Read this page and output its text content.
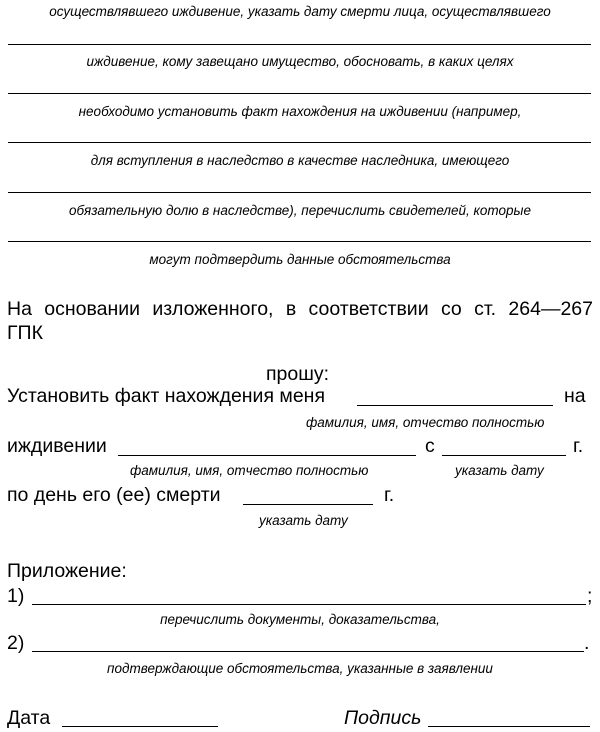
осуществлявшего иждивение, указать дату смерти лица, осуществлявшего
иждивение, кому завещано имущество, обосновать, в каких целях
необходимо установить факт нахождения на иждивении (например,
для вступления в наследство в качестве наследника, имеющего
обязательную долю в наследстве), перечислить свидетелей, которые
могут подтвердить данные обстоятельства
На основании изложенного, в соответствии со ст. 264—267
ГПК
прошу:
Установить факт нахождения меня	на
фамилия, имя, отчество полностью
иждивении	с	г.
фамилия, имя, отчество полностью	указать дату
по день его (ее) смерти	г.
указать дату
Приложение:
1)	;
перечислить документы, доказательства,
2)	.
подтверждающие обстоятельства, указанные в заявлении
Дата	Подпись
